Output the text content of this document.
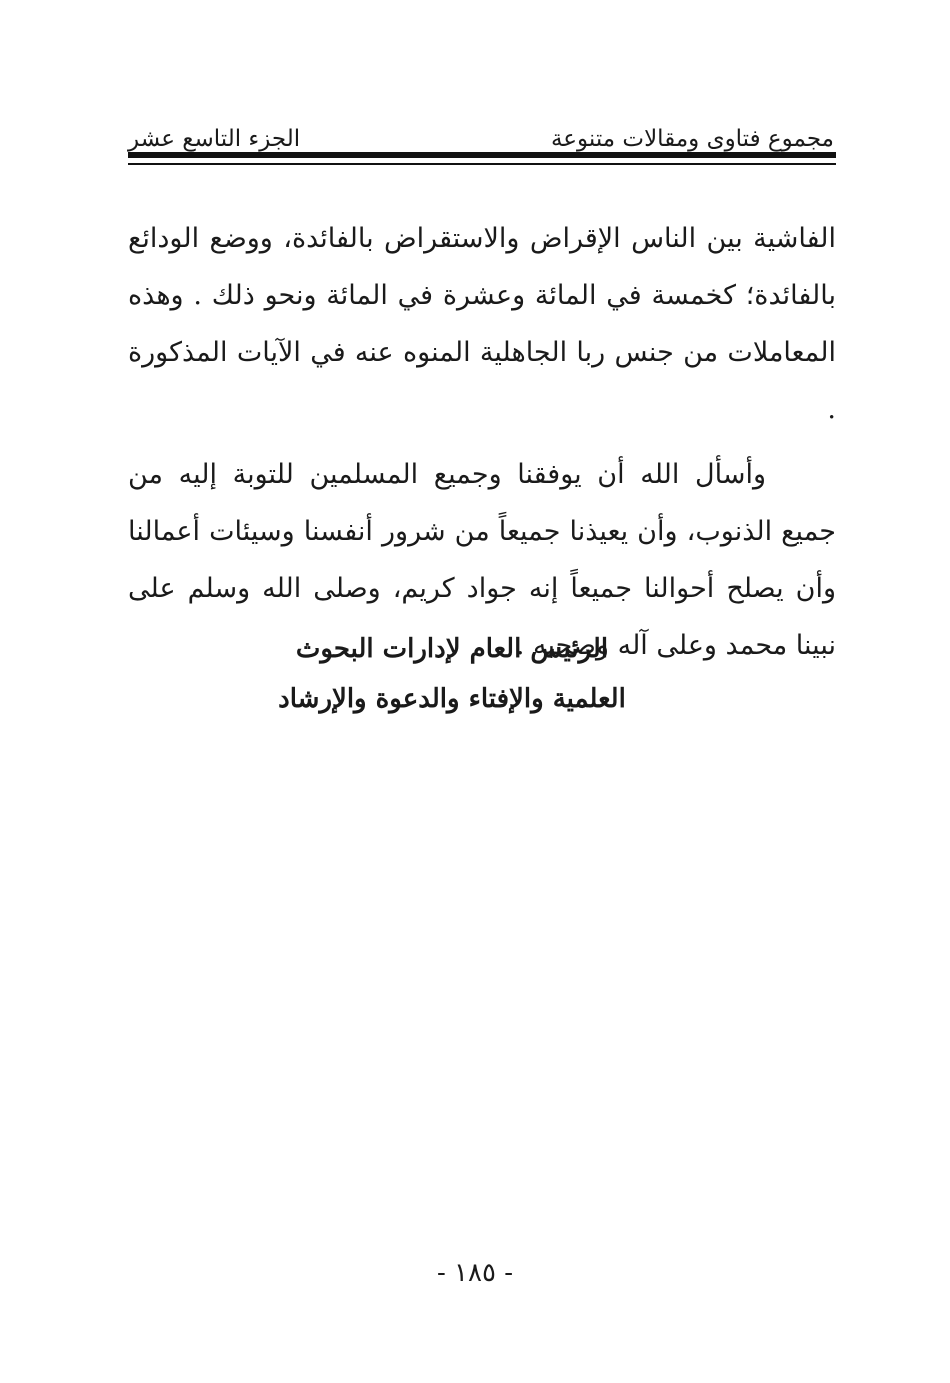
مجموع فتاوى ومقالات متنوعة
الجزء التاسع عشر

الفاشية بين الناس الإقراض والاستقراض بالفائدة، ووضع الودائع بالفائدة؛ كخمسة في المائة وعشرة في المائة ونحو ذلك . وهذه المعاملات من جنس ربا الجاهلية المنوه عنه في الآيات المذكورة .

وأسأل الله أن يوفقنا وجميع المسلمين للتوبة إليه من جميع الذنوب، وأن يعيذنا جميعاً من شرور أنفسنا وسيئات أعمالنا وأن يصلح أحوالنا جميعاً إنه جواد كريم، وصلى الله وسلم على نبينا محمد وعلى آله وصحبه .

الرئيس العام لإدارات البحوث
العلمية والإفتاء والدعوة والإرشاد
- ١٨٥ -
